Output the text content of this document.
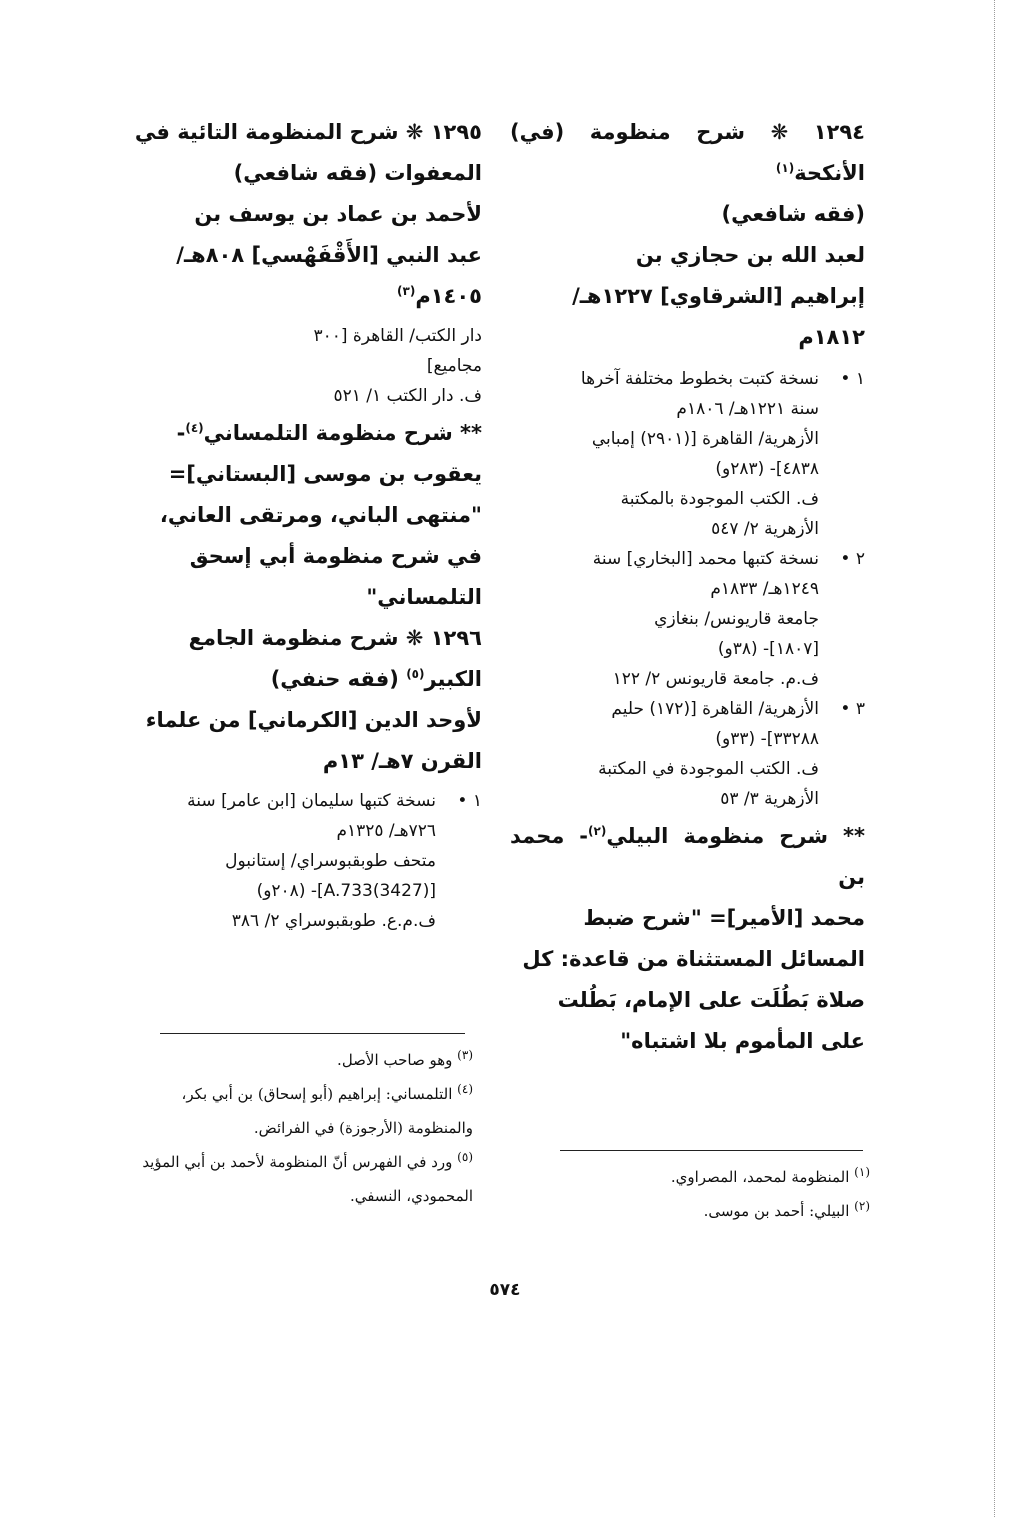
١٢٩٤ ❋ شرح منظومة (في) الأنكحة$^{(١)}$
(فقه شافعي)
لعبد الله بن حجازي بن
إبراهيم [الشرقاوي] ١٢٢٧هـ/
١٨١٢م
١ •
نسخة كتبت بخطوط مختلفة آخرها
سنة ١٢٢١هـ/ ١٨٠٦م
الأزهرية/ القاهرة [(٢٩٠١) إمبابي
٤٨٣٨]- (٢٨٣و)
ف. الكتب الموجودة بالمكتبة
الأزهرية ٢/ ٥٤٧
٢ •
نسخة كتبها محمد [البخاري] سنة
١٢٤٩هـ/ ١٨٣٣م
جامعة قاريونس/ بنغازي
[١٨٠٧]- (٣٨و)
ف.م. جامعة قاريونس ٢/ ١٢٢
٣ •
الأزهرية/ القاهرة [(١٧٢) حليم
٣٣٢٨٨]- (٣٣و)
ف. الكتب الموجودة في المكتبة
الأزهرية ٣/ ٥٣
** شرح منظومة البيلي$^{(٢)}$- محمد بن
محمد [الأمير]= "شرح ضبط
المسائل المستثناة من قاعدة: كل
صلاة بَطُلَت على الإمام، بَطُلت
على المأموم بلا اشتباه"
١٢٩٥ ❋ شرح المنظومة التائية في
المعفوات (فقه شافعي)
لأحمد بن عماد بن يوسف بن
عبد النبي [الأَقْفَهْسي] ٨٠٨هـ/
١٤٠٥م$^{(٣)}$
دار الكتب/ القاهرة [٣٠٠
مجاميع]
ف. دار الكتب ١/ ٥٢١
** شرح منظومة التلمساني$^{(٤)}$-
يعقوب بن موسى [البستاني]=
"منتهى الباني، ومرتقى العاني،
في شرح منظومة أبي إسحق
التلمساني"
١٢٩٦ ❋ شرح منظومة الجامع
الكبير$^{(٥)}$ (فقه حنفي)
لأوحد الدين [الكرماني] من علماء
القرن ٧هـ/ ١٣م
١ •
نسخة كتبها سليمان [ابن عامر] سنة
٧٢٦هـ/ ١٣٢٥م
متحف طوبقبوسراي/ إستانبول
[A.733(3427)]- (٢٠٨و)
ف.م.ع. طوبقبوسراي ٢/ ٣٨٦
$^{(١)}$ المنظومة لمحمد، المصراوي.
$^{(٢)}$ البيلي: أحمد بن موسى.
$^{(٣)}$ وهو صاحب الأصل.
$^{(٤)}$ التلمساني: إبراهيم (أبو إسحاق) بن أبي بكر،
والمنظومة (الأرجوزة) في الفرائض.
$^{(٥)}$ ورد في الفهرس أنّ المنظومة لأحمد بن أبي المؤيد
المحمودي، النسفي.
٥٧٤
